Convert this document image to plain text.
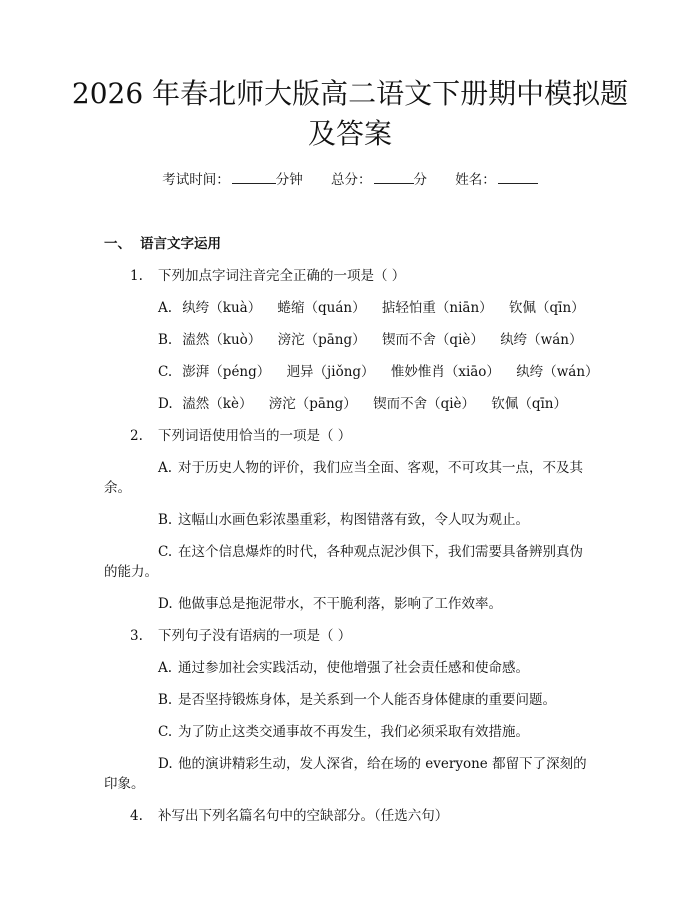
2026 年春北师大版高二语文下册期中模拟题
及答案
考试时间：	分钟 总分：	分 姓名：
一、 语言文字运用
1. 下列加点字词注音完全正确的一项是（ ）
A. 纨绔（kuà） 蜷缩（quán） 掂轻怕重（niān） 钦佩（qīn）
B. 溘然（kuò） 滂沱（pāng） 锲而不舍（qiè） 纨绔（wán）
C. 澎湃（péng） 迥异（jiǒng） 惟妙惟肖（xiāo） 纨绔（wán）
D. 溘然（kè） 滂沱（pāng） 锲而不舍（qiè） 钦佩（qīn）
2. 下列词语使用恰当的一项是（ ）
A. 对于历史人物的评价，我们应当全面、客观，不可攻其一点，不及其
余。
B. 这幅山水画色彩浓墨重彩，构图错落有致，令人叹为观止。
C. 在这个信息爆炸的时代，各种观点泥沙俱下，我们需要具备辨别真伪
的能力。
D. 他做事总是拖泥带水，不干脆利落，影响了工作效率。
3. 下列句子没有语病的一项是（ ）
A. 通过参加社会实践活动，使他增强了社会责任感和使命感。
B. 是否坚持锻炼身体，是关系到一个人能否身体健康的重要问题。
C. 为了防止这类交通事故不再发生，我们必须采取有效措施。
D. 他的演讲精彩生动，发人深省，给在场的 everyone 都留下了深刻的
印象。
4. 补写出下列名篇名句中的空缺部分。（任选六句）
